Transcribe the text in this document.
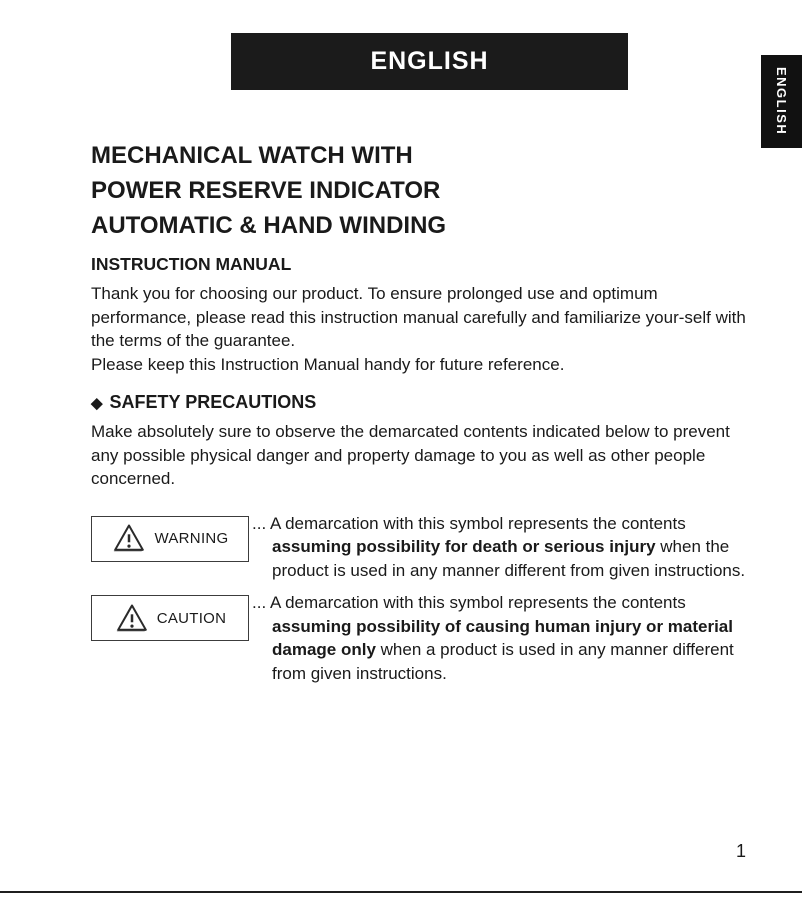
ENGLISH
ENGLISH
MECHANICAL WATCH WITH
POWER RESERVE INDICATOR
AUTOMATIC & HAND WINDING
INSTRUCTION MANUAL

Thank you for choosing our product. To ensure prolonged use and optimum performance, please read this instruction manual carefully and familiarize your-self with the terms of the guarantee.

Please keep this Instruction Manual handy for future reference.

◆ SAFETY PRECAUTIONS

Make absolutely sure to observe the demarcated contents indicated below to prevent any possible physical danger and property damage to you as well as other people concerned.

WARNING

... A demarcation with this symbol represents the contents assuming possibility for death or serious injury when the product is used in any manner different from given instructions.

CAUTION

... A demarcation with this symbol represents the contents assuming possibility of causing human injury or material damage only when a product is used in any manner different from given instructions.

1
